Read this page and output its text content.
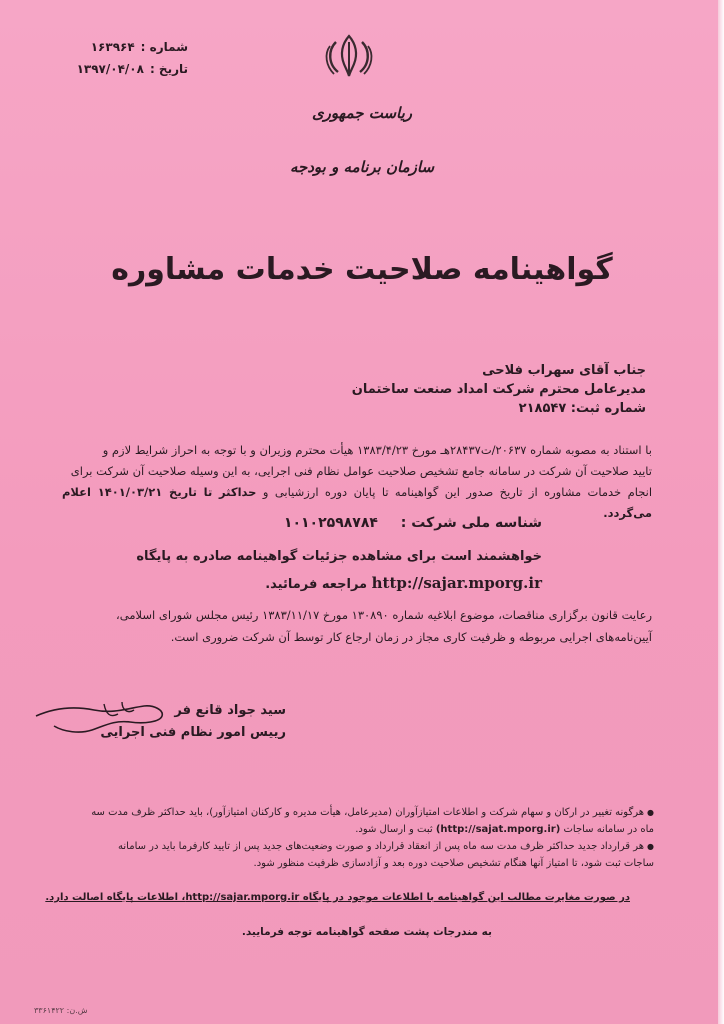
شماره :
۱۶۳۹۶۴
تاریخ :
۱۳۹۷/۰۴/۰۸
ریاست جمهوری
سازمان برنامه و بودجه
گواهینامه صلاحیت خدمات مشاوره
جناب آقای سهراب فلاحی
مدیرعامل محترم شرکت امداد صنعت ساختمان
شماره ثبت: ۲۱۸۵۴۷
با استناد به مصوبه شماره ۲۰۶۳۷/ت۲۸۴۳۷هـ مورخ ۱۳۸۳/۴/۲۳ هیأت محترم وزیران و با توجه به احراز شرایط لازم و
تایید صلاحیت آن شرکت در سامانه جامع تشخیص صلاحیت عوامل نظام فنی اجرایی، به این وسیله صلاحیت آن شرکت برای
انجام خدمات مشاوره از تاریخ صدور این گواهینامه تا پایان دوره ارزشیابی و حداکثر تا تاریخ ۱۴۰۱/۰۳/۲۱ اعلام می‌گردد.
شناسه ملی شرکت : ۱۰۱۰۲۵۹۸۷۸۴
خواهشمند است برای مشاهده جزئیات گواهینامه صادره به پایگاه
http://sajar.mporg.ir مراجعه فرمائید.
رعایت قانون برگزاری مناقصات، موضوع ابلاغیه شماره ۱۳۰۸۹۰ مورخ ۱۳۸۳/۱۱/۱۷ رئیس مجلس شورای اسلامی،
آیین‌نامه‌های اجرایی مربوطه و ظرفیت کاری مجاز در زمان ارجاع کار توسط آن شرکت ضروری است.
سید جواد قانع فر
رییس امور نظام فنی اجرایی
● هرگونه تغییر در ارکان و سهام شرکت و اطلاعات امتیازآوران (مدیرعامل، هیأت مدیره و کارکنان امتیازآور)، باید حداکثر ظرف مدت سه
ماه در سامانه ساجات (http://sajat.mporg.ir) ثبت و ارسال شود.
● هر قرارداد جدید حداکثر ظرف مدت سه ماه پس از انعقاد قرارداد و صورت وضعیت‌های جدید پس از تایید کارفرما باید در سامانه
ساجات ثبت شود، تا امتیاز آنها هنگام تشخیص صلاحیت دوره بعد و آزادسازی ظرفیت منظور شود.
در صورت مغایرت مطالب این گواهینامه با اطلاعات موجود در پایگاه http://sajar.mporg.ir، اطلاعات پایگاه اصالت دارد.
به مندرجات پشت صفحه گواهینامه توجه فرمایید.
ش.ن: ۳۳۶۱۴۲۲
